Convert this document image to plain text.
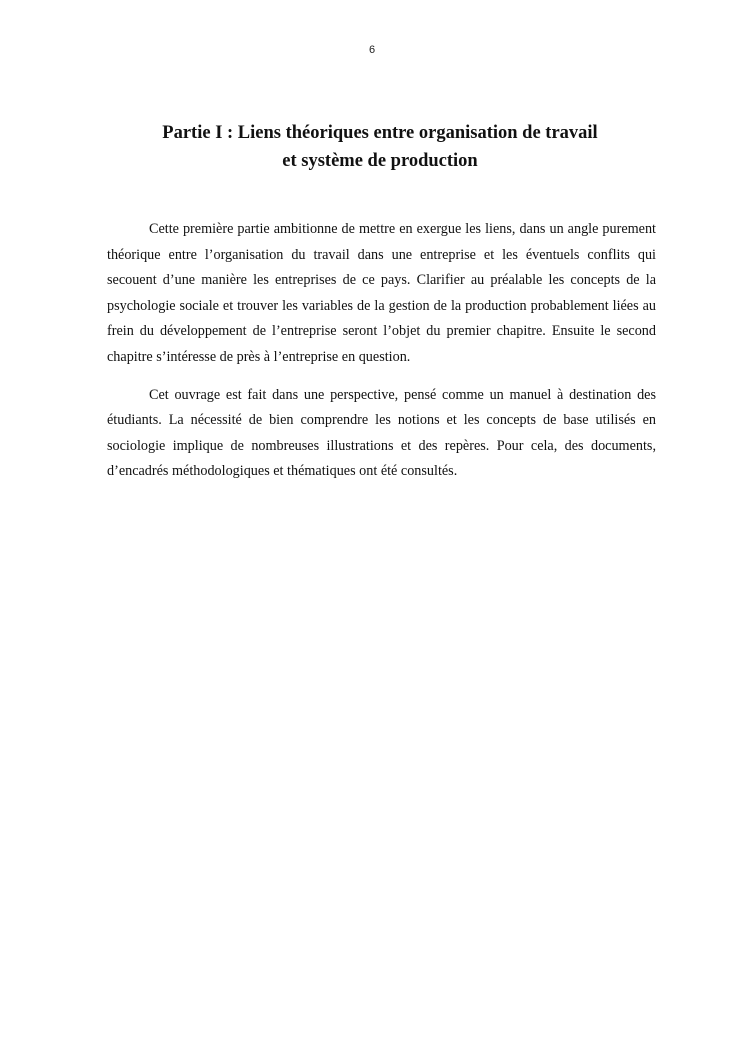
6
Partie I : Liens théoriques entre organisation de travail
et système de production

Cette première partie ambitionne de mettre en exergue les liens, dans un angle purement théorique entre l’organisation du travail dans une entreprise et les éventuels conflits qui secouent d’une manière les entreprises de ce pays. Clarifier au préalable les concepts de la psychologie sociale et trouver les variables de la gestion de la production probablement liées au frein du développement de l’entreprise seront l’objet du premier chapitre. Ensuite le second chapitre s’intéresse de près à l’entreprise en question.

Cet ouvrage est fait dans une perspective, pensé comme un manuel à destination des étudiants. La nécessité de bien comprendre les notions et les concepts de base utilisés en sociologie implique de nombreuses illustrations et des repères. Pour cela, des documents, d’encadrés méthodologiques et thématiques ont été consultés.
